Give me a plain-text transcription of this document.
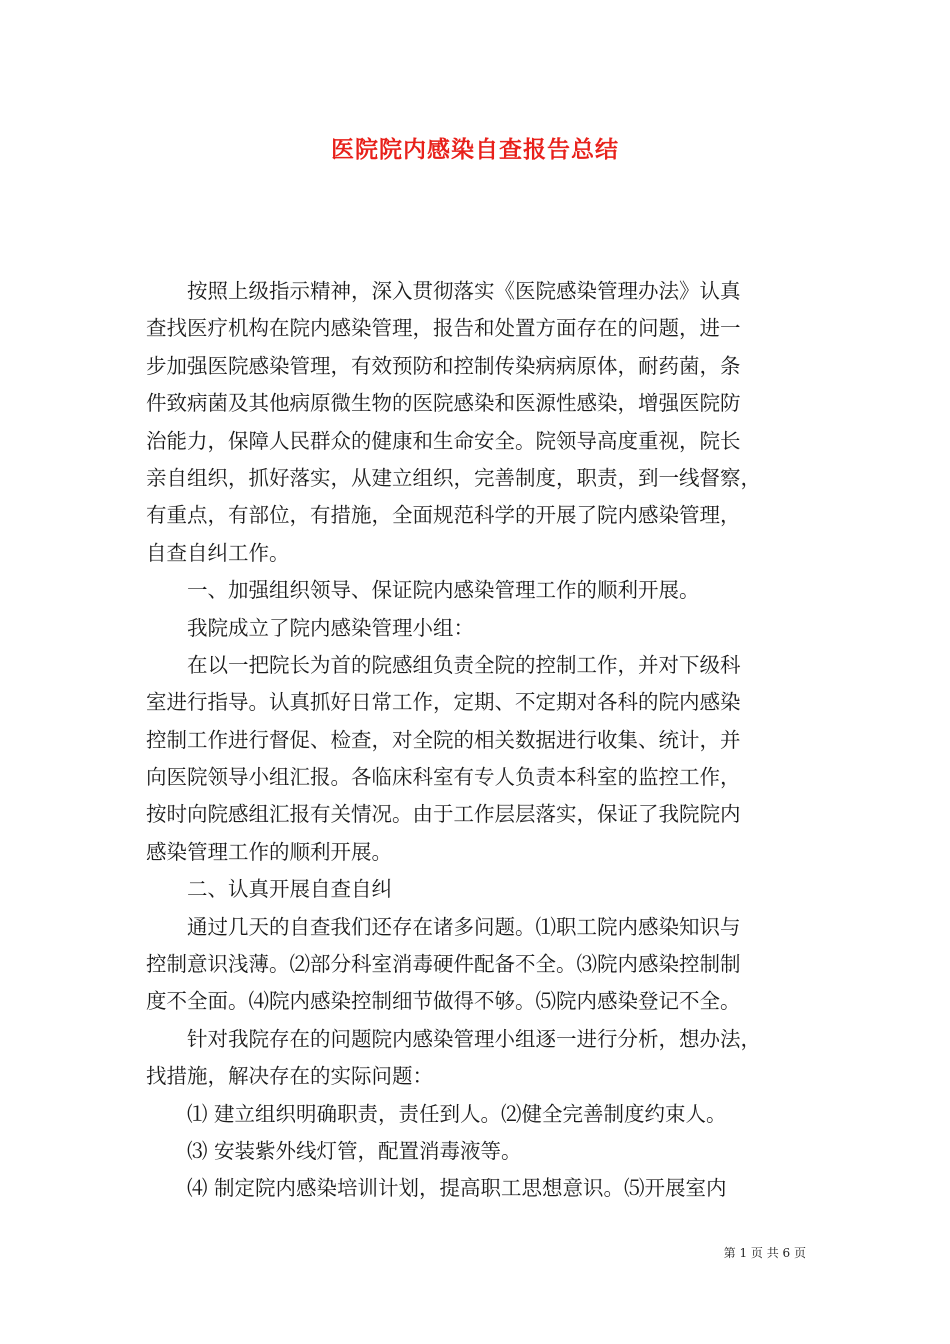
医院院内感染自查报告总结
按照上级指示精神，深入贯彻落实《医院感染管理办法》认真
查找医疗机构在院内感染管理，报告和处置方面存在的问题，进一
步加强医院感染管理，有效预防和控制传染病病原体，耐药菌，条
件致病菌及其他病原微生物的医院感染和医源性感染，增强医院防
治能力，保障人民群众的健康和生命安全。院领导高度重视，院长
亲自组织，抓好落实，从建立组织，完善制度，职责，到一线督察，
有重点，有部位，有措施，全面规范科学的开展了院内感染管理，
自查自纠工作。
一、加强组织领导、保证院内感染管理工作的顺利开展。
我院成立了院内感染管理小组：
在以一把院长为首的院感组负责全院的控制工作，并对下级科
室进行指导。认真抓好日常工作，定期、不定期对各科的院内感染
控制工作进行督促、检查，对全院的相关数据进行收集、统计，并
向医院领导小组汇报。各临床科室有专人负责本科室的监控工作，
按时向院感组汇报有关情况。由于工作层层落实，保证了我院院内
感染管理工作的顺利开展。
二、认真开展自查自纠
通过几天的自查我们还存在诸多问题。⑴职工院内感染知识与
控制意识浅薄。⑵部分科室消毒硬件配备不全。⑶院内感染控制制
度不全面。⑷院内感染控制细节做得不够。⑸院内感染登记不全。
针对我院存在的问题院内感染管理小组逐一进行分析，想办法，
找措施，解决存在的实际问题：
⑴ 建立组织明确职责，责任到人。⑵健全完善制度约束人。
⑶ 安装紫外线灯管，配置消毒液等。
⑷ 制定院内感染培训计划，提高职工思想意识。⑸开展室内
第 1 页 共 6 页
